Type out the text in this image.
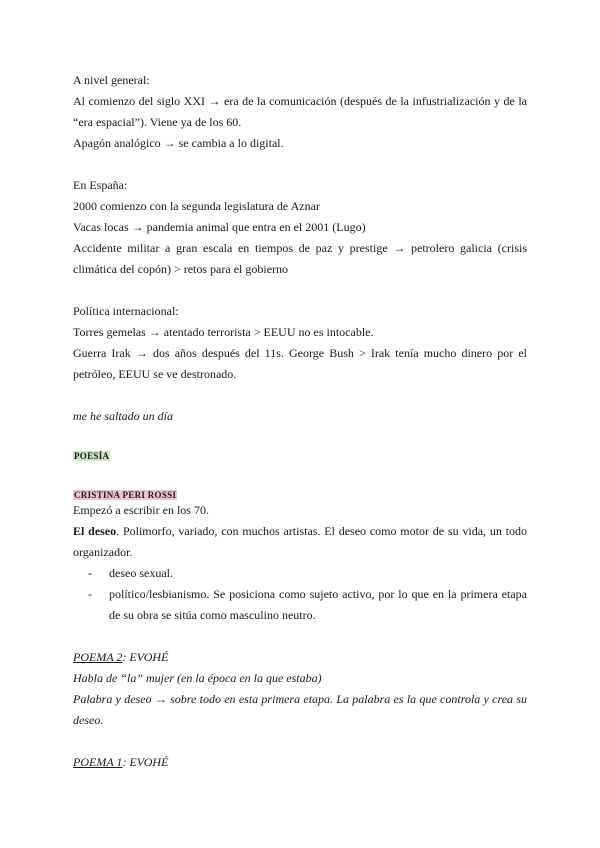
A nivel general:
Al comienzo del siglo XXI → era de la comunicación (después de la infustrialización y de la
“era espacial”). Viene ya de los 60.
Apagón analógico → se cambia a lo digital.
En España:
2000 comienzo con la segunda legislatura de Aznar
Vacas locas → pandemia animal que entra en el 2001 (Lugo)
Accidente militar a gran escala en tiempos de paz y prestige → petrolero galicia (crisis
climática del copón) > retos para el gobierno
Política internacional:
Torres gemelas → atentado terrorista > EEUU no es intocable.
Guerra Irak → dos años después del 11s. George Bush > Irak tenía mucho dinero por el
petróleo, EEUU se ve destronado.
me he saltado un día
POESÍA
CRISTINA PERI ROSSI
Empezó a escribir en los 70.
El deseo. Polimorfo, variado, con muchos artistas. El deseo como motor de su vida, un todo
organizador.
- deseo sexual.
- político/lesbianismo. Se posiciona como sujeto activo, por lo que en la primera etapa
de su obra se sitúa como masculino neutro.
POEMA 2: EVOHÉ
Habla de “la” mujer (en la época en la que estaba)
Palabra y deseo → sobre todo en esta primera etapa. La palabra es la que controla y crea su
deseo.
POEMA 1: EVOHÉ
